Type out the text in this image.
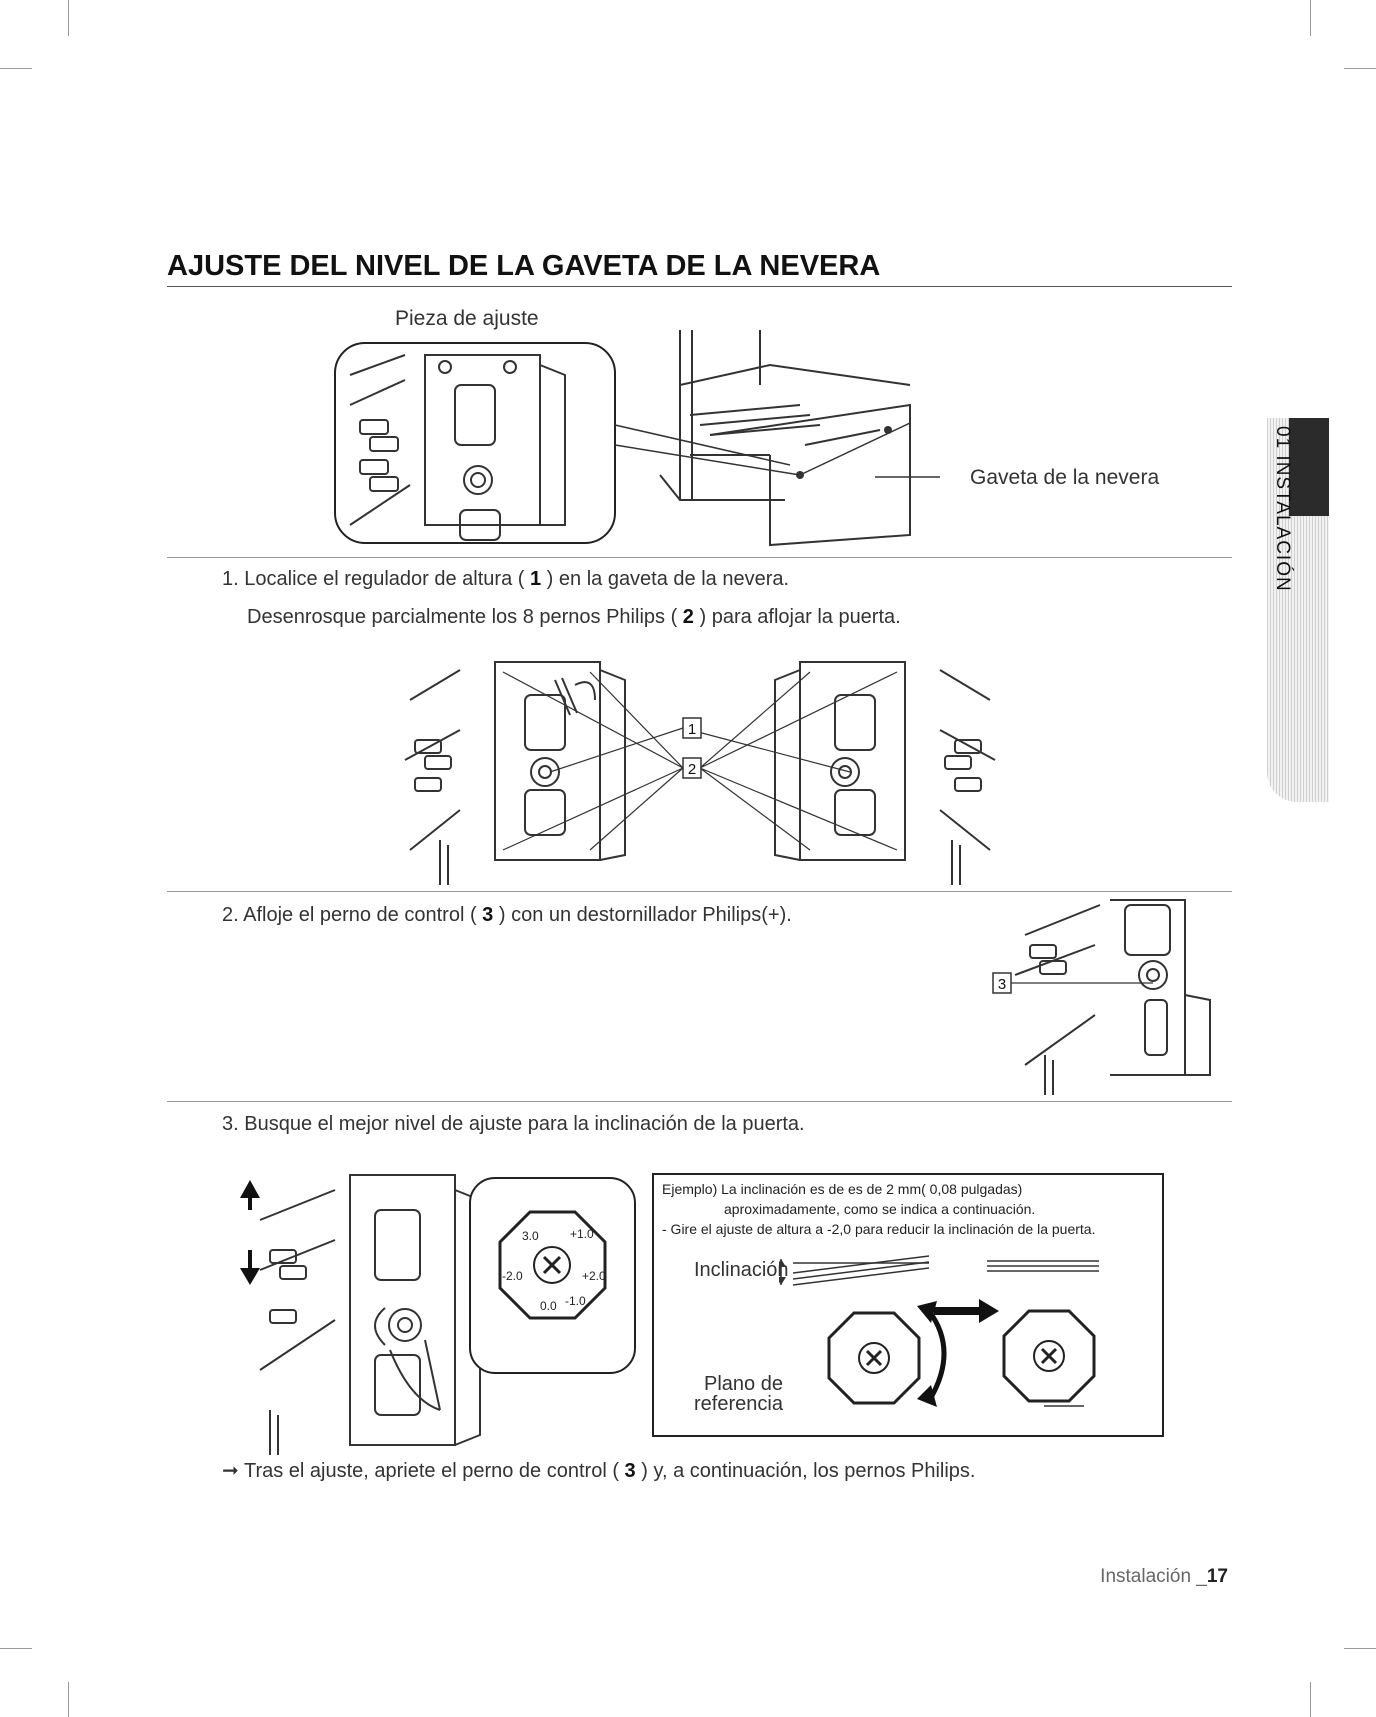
AJUSTE DEL NIVEL DE LA GAVETA DE LA NEVERA
01 INSTALACIÓN
Pieza de ajuste
Gaveta de la nevera

1. Localice el regulador de altura ( 1 ) en la gaveta de la nevera.

Desenrosque parcialmente los 8 pernos Philips ( 2 ) para aflojar la puerta.

1
2

2. Afloje el perno de control ( 3 ) con un destornillador Philips(+).

3

3. Busque el mejor nivel de ajuste para la inclinación de la puerta.

3.0	+1.0
+2.0
0.0 -1.0
-2.0
Ejemplo) La inclinación es de es de 2 mm( 0,08 pulgadas)
aproximadamente, como se indica a continuación.
- Gire el ajuste de altura a -2,0 para reducir la inclinación de la puerta.
Inclinación
Plano de
referencia

➞ Tras el ajuste, apriete el perno de control ( 3 ) y, a continuación, los pernos Philips.

Instalación _17
